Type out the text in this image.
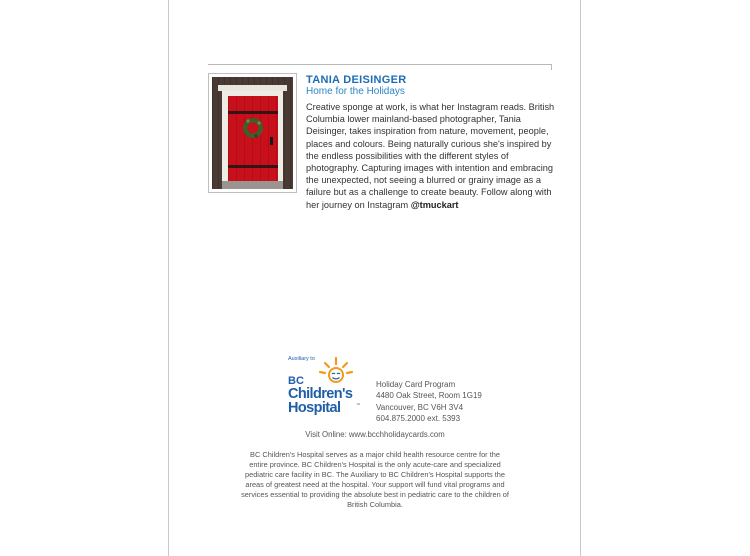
TANIA DEISINGER
Home for the Holidays
Creative sponge at work, is what her Instagram reads. British Columbia lower mainland-based photographer, Tania Deisinger, takes inspiration from nature, movement, people, places and colours. Being naturally curious she's inspired by the endless possibilities with the different styles of photography. Capturing images with intention and embracing the unexpected, not seeing a blurred or grainy image as a failure but as a challenge to create beauty. Follow along with her journey on Instagram @tmuckart
Auxiliary to
BC
Children's
Hospital	™
Holiday Card Program
4480 Oak Street, Room 1G19
Vancouver, BC V6H 3V4
604.875.2000 ext. 5393
Visit Online: www.bcchholidaycards.com
BC Children's Hospital serves as a major child health resource centre for the entire province. BC Children's Hospital is the only acute-care and specialized pediatric care facility in BC. The Auxiliary to BC Children's Hospital supports the areas of greatest need at the hospital. Your support will fund vital programs and services essential to providing the absolute best in pediatric care to the children of British Columbia.
